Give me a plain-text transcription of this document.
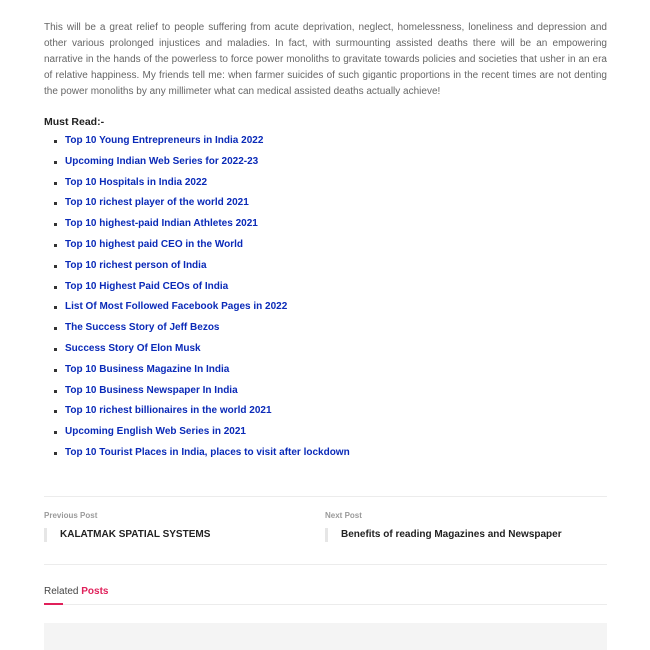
This will be a great relief to people suffering from acute deprivation, neglect, homelessness, loneliness and depression and other various prolonged injustices and maladies. In fact, with surmounting assisted deaths there will be an empowering narrative in the hands of the powerless to force power monoliths to gravitate towards policies and societies that usher in an era of relative happiness. My friends tell me: when farmer suicides of such gigantic proportions in the recent times are not denting the power monoliths by any millimeter what can medical assisted deaths actually achieve!

Must Read:-
Top 10 Young Entrepreneurs in India 2022
Upcoming Indian Web Series for 2022-23
Top 10 Hospitals in India 2022
Top 10 richest player of the world 2021
Top 10 highest-paid Indian Athletes 2021
Top 10 highest paid CEO in the World
Top 10 richest person of India
Top 10 Highest Paid CEOs of India
List Of Most Followed Facebook Pages in 2022
The Success Story of Jeff Bezos
Success Story Of Elon Musk
Top 10 Business Magazine In India
Top 10 Business Newspaper In India
Top 10 richest billionaires in the world 2021
Upcoming English Web Series in 2021
Top 10 Tourist Places in India, places to visit after lockdown
Previous Post
KALATMAK SPATIAL SYSTEMS
Next Post
Benefits of reading Magazines and Newspaper
Related Posts
